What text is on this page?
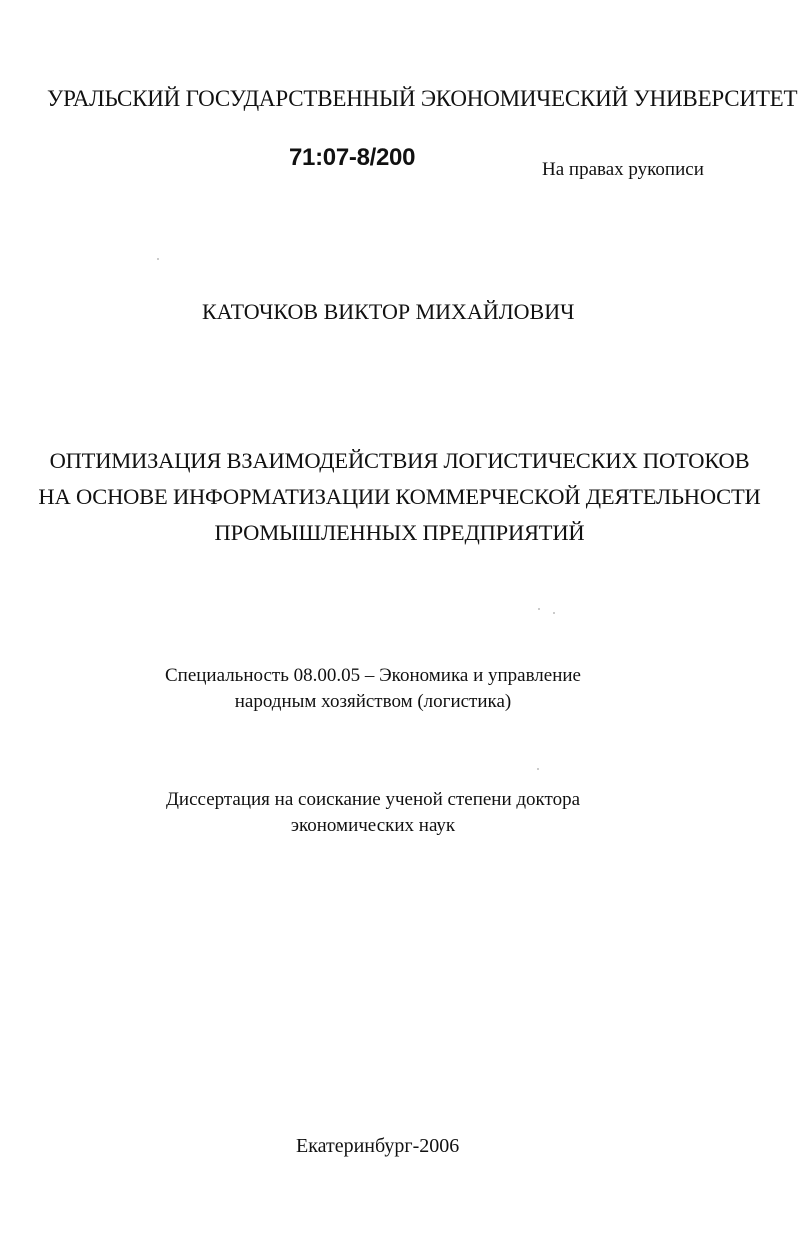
УРАЛЬСКИЙ ГОСУДАРСТВЕННЫЙ ЭКОНОМИЧЕСКИЙ УНИВЕРСИТЕТ
71:07-8/200	На правах рукописи
КАТОЧКОВ ВИКТОР МИХАЙЛОВИЧ
ОПТИМИЗАЦИЯ ВЗАИМОДЕЙСТВИЯ ЛОГИСТИЧЕСКИХ ПОТОКОВ
НА ОСНОВЕ ИНФОРМАТИЗАЦИИ КОММЕРЧЕСКОЙ ДЕЯТЕЛЬНОСТИ
ПРОМЫШЛЕННЫХ ПРЕДПРИЯТИЙ
Специальность 08.00.05 – Экономика и управление
народным хозяйством (логистика)
Диссертация на соискание ученой степени доктора
экономических наук
Екатеринбург-2006
